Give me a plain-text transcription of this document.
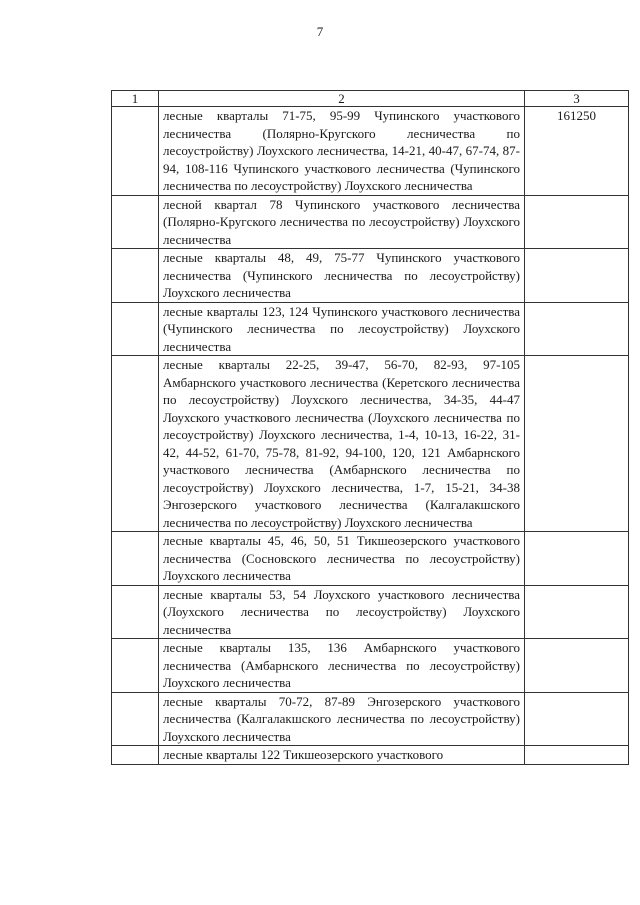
7
1	2	3
	лесные кварталы 71-75, 95-99 Чупинского участкового лесничества (Полярно-Кругского лесничества по лесоустройству) Лоухского лесничества, 14-21, 40-47, 67-74, 87-94, 108-116 Чупинского участкового лесничества (Чупинского лесничества по лесоустройству) Лоухского лесничества	161250
	лесной квартал 78 Чупинского участкового лесничества (Полярно-Кругского лесничества по лесоустройству) Лоухского лесничества	
	лесные кварталы 48, 49, 75-77 Чупинского участкового лесничества (Чупинского лесничества по лесоустройству) Лоухского лесничества	
	лесные кварталы 123, 124 Чупинского участкового лесничества (Чупинского лесничества по лесоустройству) Лоухского лесничества	
	лесные кварталы 22-25, 39-47, 56-70, 82-93, 97-105 Амбарнского участкового лесничества (Керетского лесничества по лесоустройству) Лоухского лесничества, 34-35, 44-47 Лоухского участкового лесничества (Лоухского лесничества по лесоустройству) Лоухского лесничества, 1-4, 10-13, 16-22, 31-42, 44-52, 61-70, 75-78, 81-92, 94-100, 120, 121 Амбарнского участкового лесничества (Амбарнского лесничества по лесоустройству) Лоухского лесничества, 1-7, 15-21, 34-38 Энгозерского участкового лесничества (Калгалакшского лесничества по лесоустройству) Лоухского лесничества	
	лесные кварталы 45, 46, 50, 51 Тикшеозерского участкового лесничества (Сосновского лесничества по лесоустройству) Лоухского лесничества	
	лесные кварталы 53, 54 Лоухского участкового лесничества (Лоухского лесничества по лесоустройству) Лоухского лесничества	
	лесные кварталы 135, 136 Амбарнского участкового лесничества (Амбарнского лесничества по лесоустройству) Лоухского лесничества	
	лесные кварталы 70-72, 87-89 Энгозерского участкового лесничества (Калгалакшского лесничества по лесоустройству) Лоухского лесничества	
	лесные кварталы 122 Тикшеозерского участкового	
